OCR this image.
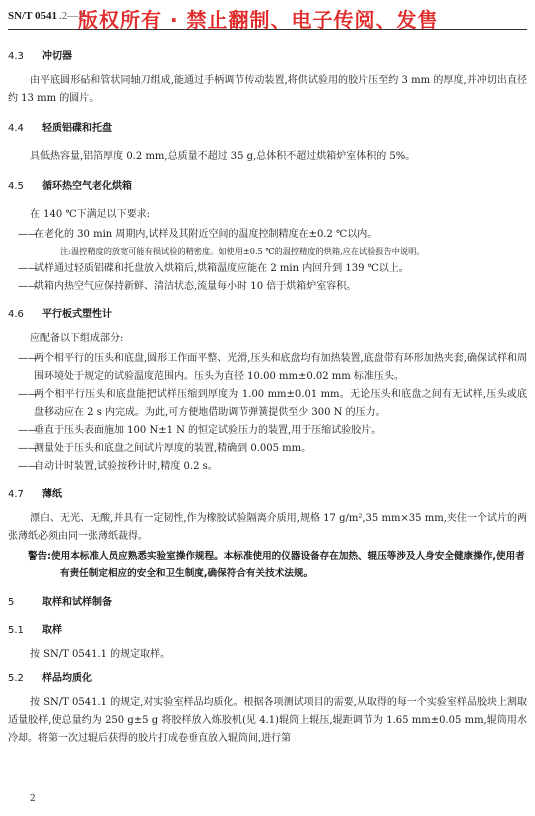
SN/T 0541 .2—2
版权所有 · 禁止翻制、电子传阅、发售
4.3 冲切器

由平底圆形砧和管状同轴刀组成,能通过手柄调节传动装置,将供试验用的胶片压至约 3 mm 的厚度,并冲切出直径约 13 mm 的圆片。

4.4 轻质铝碟和托盘

具低热容量,铝箔厚度 0.2 mm,总质量不超过 35 g,总体积不超过烘箱炉室体积的 5%。

4.5 循环热空气老化烘箱

在 140 ℃下满足以下要求:

——
在老化的 30 min 周期内,试样及其附近空间的温度控制精度在±0.2 ℃以内。
注:温控精度的放宽可能有损试验的精密度。如使用±0.5 ℃的温控精度的烘箱,应在试验报告中说明。
——
试样通过轻质铝碟和托盘放入烘箱后,烘箱温度应能在 2 min 内回升到 139 ℃以上。
——
烘箱内热空气应保持新鲜、清洁状态,流量每小时 10 倍于烘箱炉室容积。
4.6 平行板式塑性计

应配备以下组成部分:

——
两个相平行的压头和底盘,圆形工作面平整、光滑,压头和底盘均有加热装置,底盘带有环形加热夹套,确保试样和周围环境处于规定的试验温度范围内。压头为直径 10.00 mm±0.02 mm 标准压头。
——
两个相平行压头和底盘能把试样压缩到厚度为 1.00 mm±0.01 mm。无论压头和底盘之间有无试样,压头或底盘移动应在 2 s 内完成。为此,可方便地借助调节弹簧提供至少 300 N 的压力。
——
垂直于压头表面施加 100 N±1 N 的恒定试验压力的装置,用于压缩试验胶片。
——
测量处于压头和底盘之间试片厚度的装置,精确到 0.005 mm。
——
自动计时装置,试验按秒计时,精度 0.2 s。
4.7 薄纸

漂白、无光、无酸,并具有一定韧性,作为橡胶试验隔离介质用,规格 17 g/m²,35 mm×35 mm,夹住一个试片的两张薄纸必须由同一张薄纸裁得。

警告:使用本标准人员应熟悉实验室操作规程。本标准使用的仪器设备存在加热、辊压等涉及人身安全健康操作,使用者有责任制定相应的安全和卫生制度,确保符合有关技术法规。
5	取样和试样制备
5.1 取样

按 SN/T 0541.1 的规定取样。

5.2 样品均质化

按 SN/T 0541.1 的规定,对实验室样品均质化。根据各项测试项目的需要,从取得的每一个实验室样品胶块上割取适量胶样,使总量约为 250 g±5 g 将胶样放入炼胶机(见 4.1)辊筒上辊压,辊距调节为 1.65 mm±0.05 mm,辊筒用水冷却。将第一次过辊后获得的胶片打成卷垂直放入辊筒间,进行第

2
